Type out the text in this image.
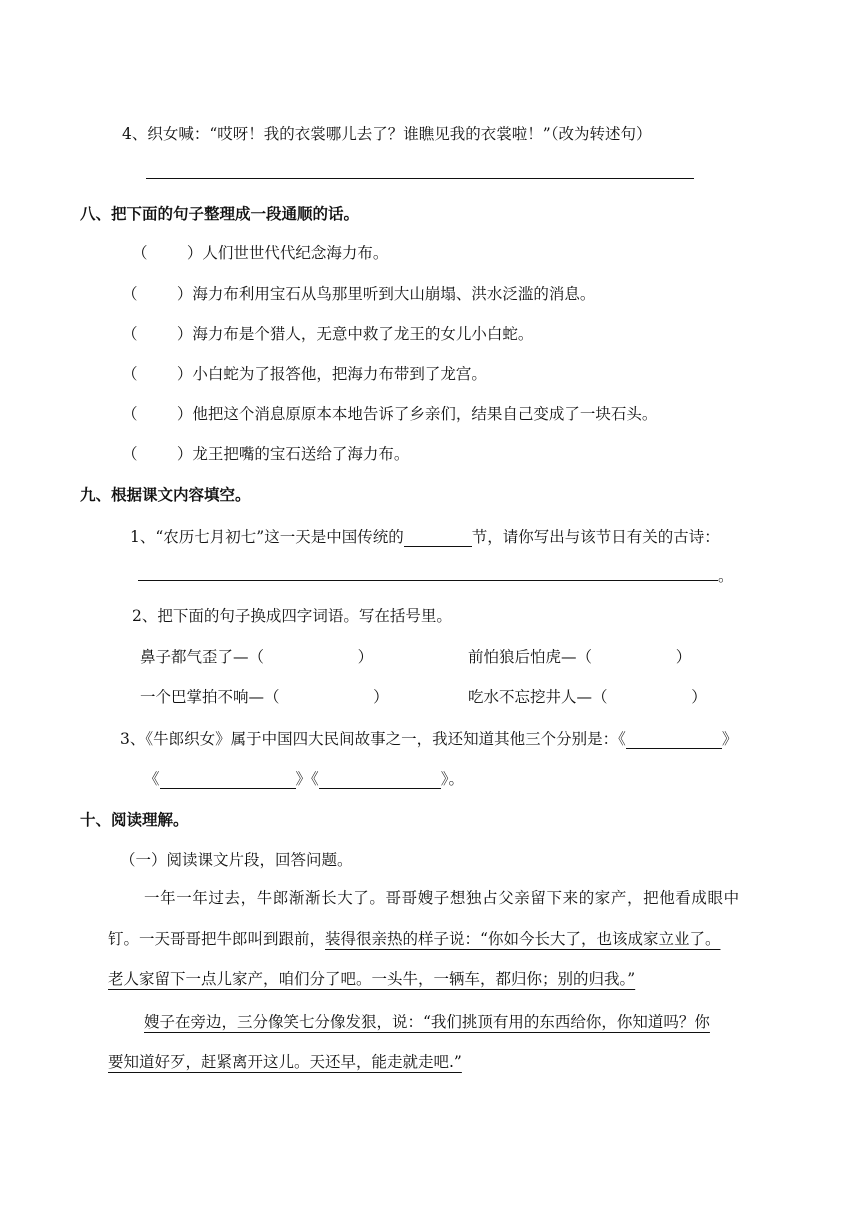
4、织女喊：“哎呀！我的衣裳哪儿去了？谁瞧见我的衣裳啦！”（改为转述句）
八、把下面的句子整理成一段通顺的话。
（        ）人们世世代代纪念海力布。
（        ）海力布利用宝石从鸟那里听到大山崩塌、洪水泛滥的消息。
（        ）海力布是个猎人，无意中救了龙王的女儿小白蛇。
（        ）小白蛇为了报答他，把海力布带到了龙宫。
（        ）他把这个消息原原本本地告诉了乡亲们，结果自己变成了一块石头。
（        ）龙王把嘴的宝石送给了海力布。
九、根据课文内容填空。
1、“农历七月初七”这一天是中国传统的	节，请你写出与该节日有关的古诗：
。
2、把下面的句子换成四字词语。写在括号里。
鼻子都气歪了—（                   ）	前怕狼后怕虎—（                 ）
一个巴掌拍不响—（                   ）	吃水不忘挖井人—（                 ）
3、《牛郎织女》属于中国四大民间故事之一，我还知道其他三个分别是：《	》
《	》《	》。
十、阅读理解。
（一）阅读课文片段，回答问题。
一年一年过去，牛郎渐渐长大了。哥哥嫂子想独占父亲留下来的家产，把他看成眼中
钉。一天哥哥把牛郎叫到跟前，装得很亲热的样子说：“你如今长大了，也该成家立业了。
老人家留下一点儿家产，咱们分了吧。一头牛，一辆车，都归你；别的归我。”
嫂子在旁边，三分像笑七分像发狠，说：“我们挑顶有用的东西给你，你知道吗？你
要知道好歹，赶紧离开这儿。天还早，能走就走吧.”
